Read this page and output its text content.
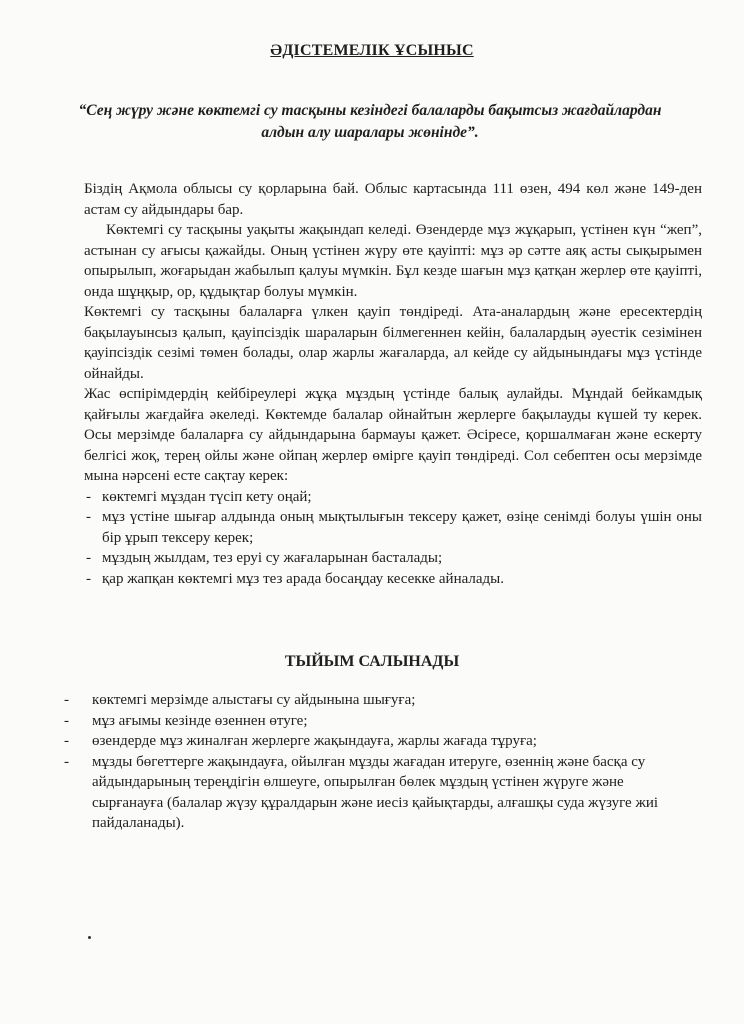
ӘДІСТЕМЕЛІК ҰСЫНЫС
“Сең жүру және көктемгі су тасқыны кезіндегі балаларды бақытсыз жағдайлардан алдын алу шаралары жөнінде”.

Біздің Ақмола облысы су қорларына бай. Облыс картасында 111 өзен, 494 көл және 149-ден астам су айдындары бар.

Көктемгі су тасқыны уақыты жақындап келеді. Өзендерде мұз жұқарып, үстінен күн “жеп”, астынан су ағысы қажайды. Оның үстінен жүру өте қауіпті: мұз әр сәтте аяқ асты сықырымен опырылып, жоғарыдан жабылып қалуы мүмкін. Бұл кезде шағын мұз қатқан жерлер өте қауіпті, онда шұңқыр, ор, құдықтар болуы мүмкін.

Көктемгі су тасқыны балаларға үлкен қауіп төндіреді. Ата-аналардың және ересектердің бақылауынсыз қалып, қауіпсіздік шараларын білмегеннен кейін, балалардың әуестік сезімінен қауіпсіздік сезімі төмен болады, олар жарлы жағаларда, ал кейде су айдынындағы мұз үстінде ойнайды.

Жас өспірімдердің кейбіреулері жұқа мұздың үстінде балық аулайды. Мұндай бейкамдық қайғылы жағдайға әкеледі. Көктемде балалар ойнайтын жерлерге бақылауды күшей ту керек. Осы мерзімде балаларға су айдындарына бармауы қажет. Әсіресе, қоршалмаған және ескерту белгісі жоқ, терең ойлы және ойпаң жерлер өмірге қауіп төндіреді. Сол себептен осы мерзімде мына нәрсені есте сақтау керек:

- көктемгі мұздан түсіп кету оңай;
- мұз үстіне шығар алдында оның мықтылығын тексеру қажет, өзіңе сенімді болуы үшін оны бір ұрып тексеру керек;
- мұздың жылдам, тез еруі су жағаларынан басталады;
- қар жапқан көктемгі мұз тез арада босаңдау кесекке айналады.
ТЫЙЫМ САЛЫНАДЫ
- көктемгі мерзімде алыстағы су айдынына шығуға;
- мұз ағымы кезінде өзеннен өтуге;
- өзендерде мұз жиналған жерлерге жақындауға, жарлы жағада тұруға;
- мұзды бөгеттерге жақындауға, ойылған мұзды жағадан итеруге, өзеннің және басқа су айдындарының тереңдігін өлшеуге, опырылған бөлек мұздың үстінен жүруге және сырғанауға (балалар жүзу құралдарын және иесіз қайықтарды, алғашқы суда жүзуге жиі пайдаланады).
